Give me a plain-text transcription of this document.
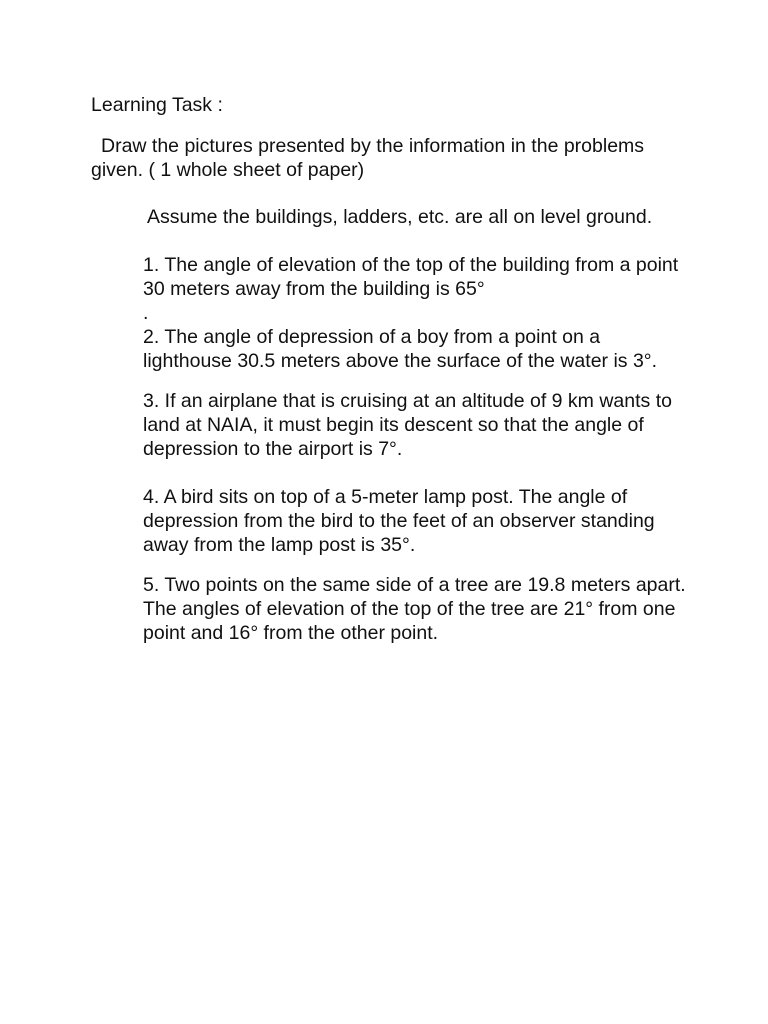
Learning Task :
Draw the pictures presented by the information in the problems given. ( 1 whole sheet of paper)
Assume the buildings, ladders, etc. are all on level ground.
1. The angle of elevation of the top of the building from a point 30 meters away from the building is 65°
.
2. The angle of depression of a boy from a point on a lighthouse 30.5 meters above the surface of the water is 3°.
3. If an airplane that is cruising at an altitude of 9 km wants to land at NAIA, it must begin its descent so that the angle of depression to the airport is 7°.
4. A bird sits on top of a 5-meter lamp post. The angle of depression from the bird to the feet of an observer standing away from the lamp post is 35°.
5. Two points on the same side of a tree are 19.8 meters apart. The angles of elevation of the top of the tree are 21° from one point and 16° from the other point.
